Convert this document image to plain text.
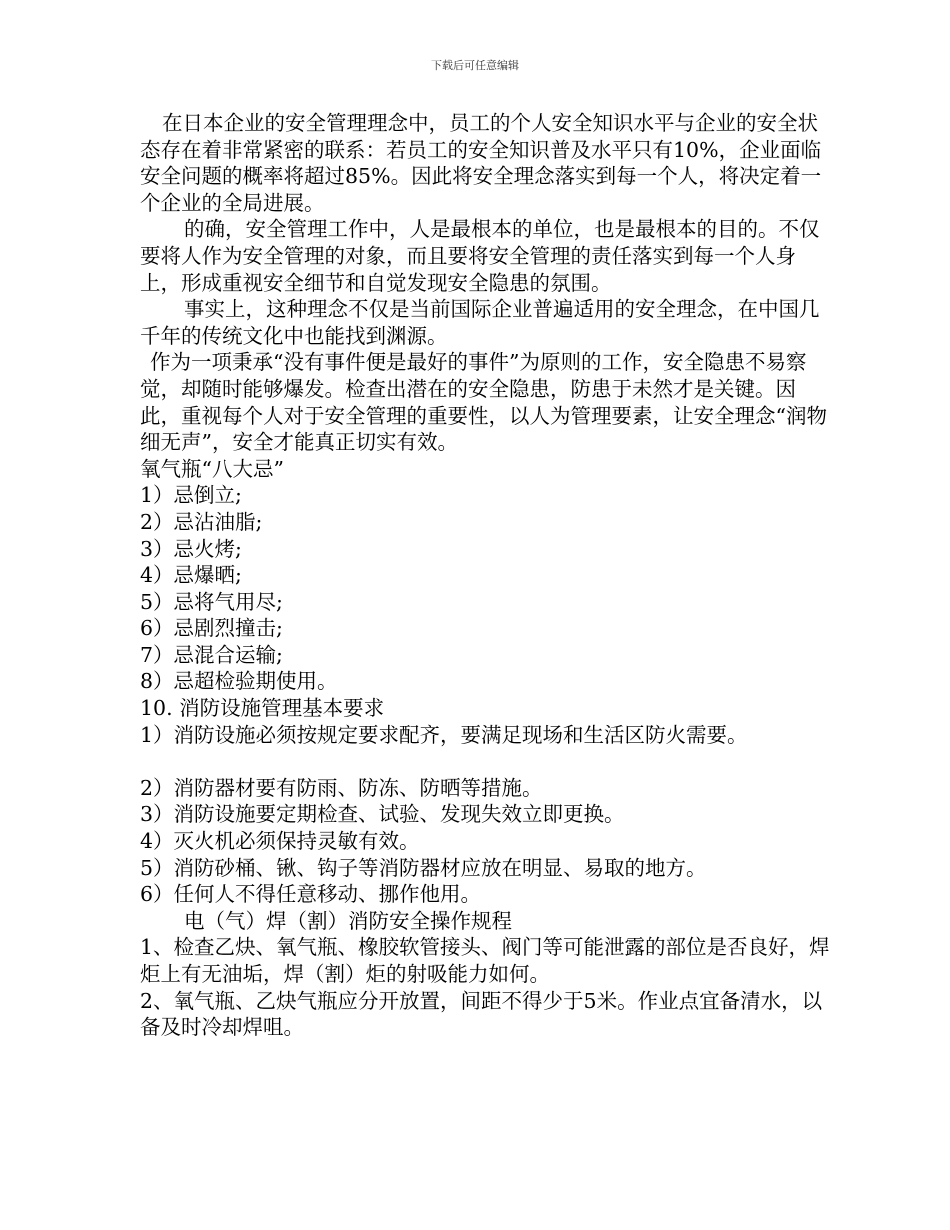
下载后可任意编辑

在日本企业的安全管理理念中，员工的个人安全知识水平与企业的安全状态存在着非常紧密的联系：若员工的安全知识普及水平只有10%，企业面临安全问题的概率将超过85%。因此将安全理念落实到每一个人，将决定着一个企业的全局进展。

的确，安全管理工作中，人是最根本的单位，也是最根本的目的。不仅要将人作为安全管理的对象，而且要将安全管理的责任落实到每一个人身上，形成重视安全细节和自觉发现安全隐患的氛围。

事实上，这种理念不仅是当前国际企业普遍适用的安全理念，在中国几千年的传统文化中也能找到渊源。

作为一项秉承“没有事件便是最好的事件”为原则的工作，安全隐患不易察觉，却随时能够爆发。检查出潜在的安全隐患，防患于未然才是关键。因此，重视每个人对于安全管理的重要性，以人为管理要素，让安全理念“润物细无声”，安全才能真正切实有效。

氧气瓶“八大忌”

1）忌倒立;

2）忌沾油脂;

3）忌火烤;

4）忌爆晒;

5）忌将气用尽;

6）忌剧烈撞击;

7）忌混合运输;

8）忌超检验期使用。

10. 消防设施管理基本要求

1）消防设施必须按规定要求配齐，要满足现场和生活区防火需要。

2）消防器材要有防雨、防冻、防晒等措施。

3）消防设施要定期检查、试验、发现失效立即更换。

4）灭火机必须保持灵敏有效。

5）消防砂桶、锹、钩子等消防器材应放在明显、易取的地方。

6）任何人不得任意移动、挪作他用。

电（气）焊（割）消防安全操作规程

1、检查乙炔、氧气瓶、橡胶软管接头、阀门等可能泄露的部位是否良好，焊炬上有无油垢，焊（割）炬的射吸能力如何。

2、氧气瓶、乙炔气瓶应分开放置，间距不得少于5米。作业点宜备清水，以备及时冷却焊咀。
